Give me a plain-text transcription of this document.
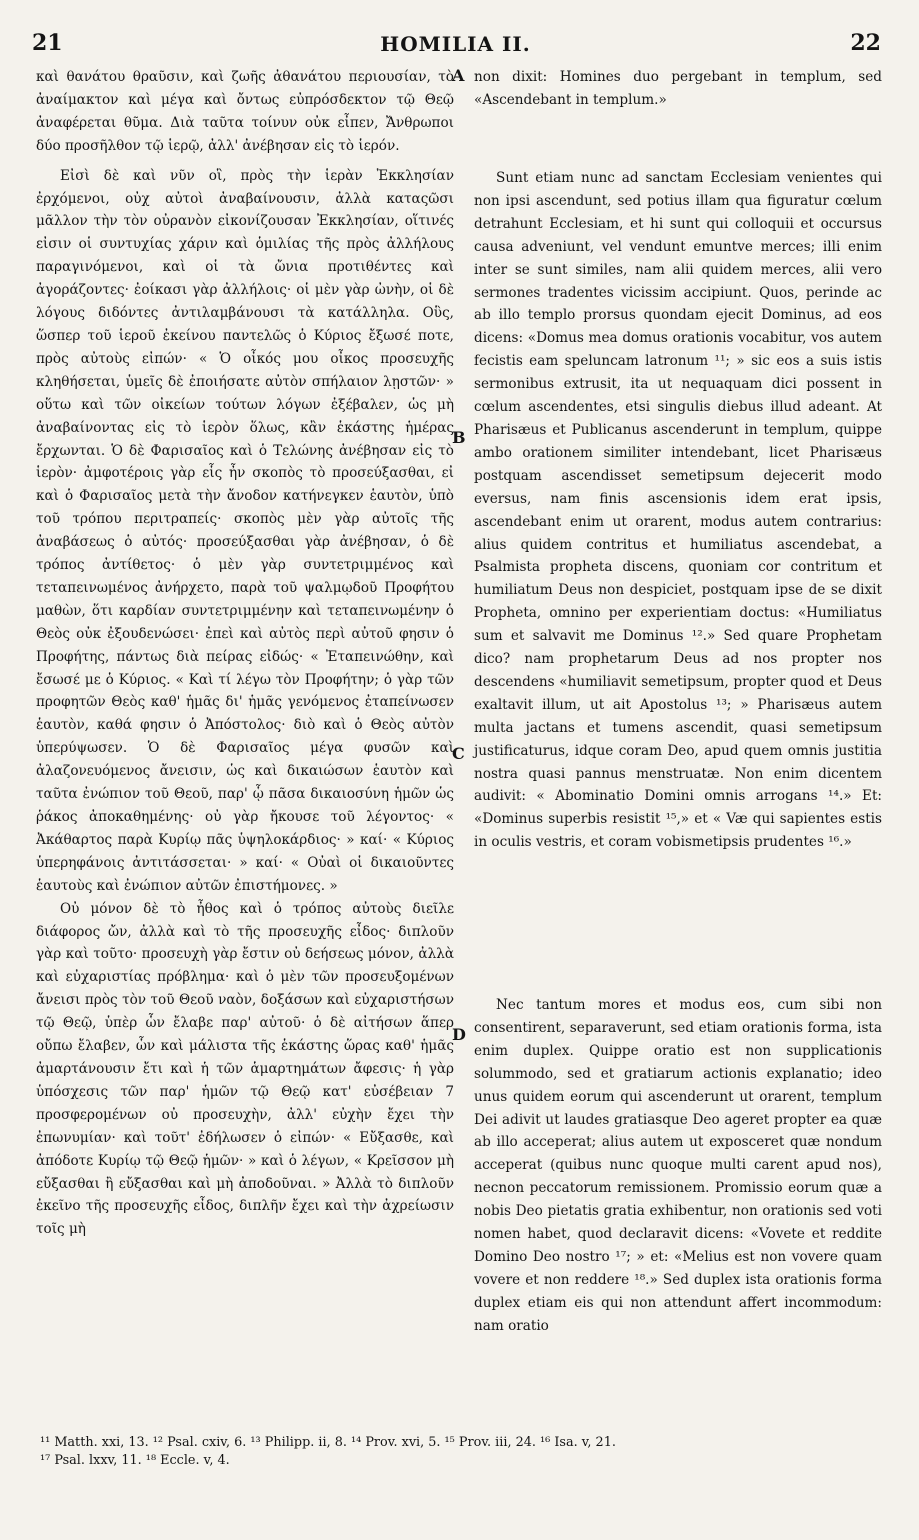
21	HOMILIA II.	22

καὶ θανάτου θραῦσιν, καὶ ζωῆς ἀθανάτου περιουσίαν, τὸ ἀναίμακτον καὶ μέγα καὶ ὄντως εὐπρόσδεκτον τῷ Θεῷ ἀναφέρεται θῦμα. Διὰ ταῦτα τοίνυν οὐκ εἶπεν, Ἄνθρωποι δύο προσῆλθον τῷ ἱερῷ, ἀλλ' ἀνέβησαν εἰς τὸ ἱερόν.

Εἰσὶ δὲ καὶ νῦν οἳ, πρὸς τὴν ἱερὰν Ἐκκλησίαν ἐρχόμενοι, οὐχ αὐτοὶ ἀναβαίνουσιν, ἀλλὰ καταςῶσι μᾶλλον τὴν τὸν οὐρανὸν εἰκονίζουσαν Ἐκκλησίαν, οἵτινές εἰσιν οἱ συντυχίας χάριν καὶ ὁμιλίας τῆς πρὸς ἀλλήλους παραγινόμενοι, καὶ οἱ τὰ ὤνια προτιθέντες καὶ ἀγοράζοντες· ἐοίκασι γὰρ ἀλλήλοις· οἱ μὲν γὰρ ὠνὴν, οἱ δὲ λόγους διδόντες ἀντιλαμβάνουσι τὰ κατάλληλα. Οὓς, ὥσπερ τοῦ ἱεροῦ ἐκείνου παντελῶς ὁ Κύριος ἔξωσέ ποτε, πρὸς αὐτοὺς εἰπών· « Ὁ οἶκός μου οἶκος προσευχῆς κληθήσεται, ὑμεῖς δὲ ἐποιήσατε αὐτὸν σπήλαιον λῃστῶν· » οὕτω καὶ τῶν οἰκείων τούτων λόγων ἐξέβαλεν, ὡς μὴ ἀναβαίνοντας εἰς τὸ ἱερὸν ὅλως, κἂν ἑκάστης ἡμέρας ἔρχωνται. Ὁ δὲ Φαρισαῖος καὶ ὁ Τελώνης ἀνέβησαν εἰς τὸ ἱερὸν· ἀμφοτέροις γὰρ εἷς ἦν σκοπὸς τὸ προσεύξασθαι, εἰ καὶ ὁ Φαρισαῖος μετὰ τὴν ἄνοδον κατήνεγκεν ἑαυτὸν, ὑπὸ τοῦ τρόπου περιτραπείς· σκοπὸς μὲν γὰρ αὐτοῖς τῆς ἀναβάσεως ὁ αὐτός· προσεύξασθαι γὰρ ἀνέβησαν, ὁ δὲ τρόπος ἀντίθετος· ὁ μὲν γὰρ συντετριμμένος καὶ τεταπεινωμένος ἀνήρχετο, παρὰ τοῦ ψαλμῳδοῦ Προφήτου μαθὼν, ὅτι καρδίαν συντετριμμένην καὶ τεταπεινωμένην ὁ Θεὸς οὐκ ἐξουδενώσει· ἐπεὶ καὶ αὐτὸς περὶ αὐτοῦ φησιν ὁ Προφήτης, πάντως διὰ πείρας εἰδώς· « Ἐταπεινώθην, καὶ ἔσωσέ με ὁ Κύριος. « Καὶ τί λέγω τὸν Προφήτην; ὁ γὰρ τῶν προφητῶν Θεὸς καθ' ἡμᾶς δι' ἡμᾶς γενόμενος ἐταπείνωσεν ἑαυτὸν, καθά φησιν ὁ Ἀπόστολος· διὸ καὶ ὁ Θεὸς αὐτὸν ὑπερύψωσεν. Ὁ δὲ Φαρισαῖος μέγα φυσῶν καὶ ἀλαζονευόμενος ἄνεισιν, ὡς καὶ δικαιώσων ἑαυτὸν καὶ ταῦτα ἐνώπιον τοῦ Θεοῦ, παρ' ᾧ πᾶσα δικαιοσύνη ἡμῶν ὡς ῥάκος ἀποκαθημένης· οὐ γὰρ ἤκουσε τοῦ λέγοντος· « Ἀκάθαρτος παρὰ Κυρίῳ πᾶς ὑψηλοκάρδιος· » καί· « Κύριος ὑπερηφάνοις ἀντιτάσσεται· » καί· « Οὐαὶ οἱ δικαιοῦντες ἑαυτοὺς καὶ ἐνώπιον αὐτῶν ἐπιστήμονες. »

Οὐ μόνον δὲ τὸ ἦθος καὶ ὁ τρόπος αὐτοὺς διεῖλε διάφορος ὤν, ἀλλὰ καὶ τὸ τῆς προσευχῆς εἶδος· διπλοῦν γὰρ καὶ τοῦτο· προσευχὴ γὰρ ἔστιν οὐ δεήσεως μόνον, ἀλλὰ καὶ εὐχαριστίας πρόβλημα· καὶ ὁ μὲν τῶν προσευξομένων ἄνεισι πρὸς τὸν τοῦ Θεοῦ ναὸν, δοξάσων καὶ εὐχαριστήσων τῷ Θεῷ, ὑπὲρ ὧν ἔλαβε παρ' αὐτοῦ· ὁ δὲ αἰτήσων ἅπερ οὔπω ἔλαβεν, ὧν καὶ μάλιστα τῆς ἑκάστης ὥρας καθ' ἡμᾶς ἀμαρτάνουσιν ἔτι καὶ ἡ τῶν ἁμαρτημάτων ἄφεσις· ἡ γὰρ ὑπόσχεσις τῶν παρ' ἡμῶν τῷ Θεῷ κατ' εὐσέβειαν 7 προσφερομένων οὐ προσευχὴν, ἀλλ' εὐχὴν ἔχει τὴν ἐπωνυμίαν· καὶ τοῦτ' ἐδήλωσεν ὁ εἰπών· « Εὔξασθε, καὶ ἀπόδοτε Κυρίῳ τῷ Θεῷ ἡμῶν· » καὶ ὁ λέγων, « Κρεῖσσον μὴ εὔξασθαι ἢ εὔξασθαι καὶ μὴ ἀποδοῦναι. » Ἀλλὰ τὸ διπλοῦν ἐκεῖνο τῆς προσευχῆς εἶδος, διπλῆν ἔχει καὶ τὴν ἀχρείωσιν τοῖς μὴ

A
B
C
D

non dixit: Homines duo pergebant in templum, sed «Ascendebant in templum.»

Sunt etiam nunc ad sanctam Ecclesiam venientes qui non ipsi ascendunt, sed potius illam qua figuratur cœlum detrahunt Ecclesiam, et hi sunt qui colloquii et occursus causa adveniunt, vel vendunt emuntve merces; illi enim inter se sunt similes, nam alii quidem merces, alii vero sermones tradentes vicissim accipiunt. Quos, perinde ac ab illo templo prorsus quondam ejecit Dominus, ad eos dicens: «Domus mea domus orationis vocabitur, vos autem fecistis eam speluncam latronum ¹¹; » sic eos a suis istis sermonibus extrusit, ita ut nequaquam dici possent in cœlum ascendentes, etsi singulis diebus illud adeant. At Pharisæus et Publicanus ascenderunt in templum, quippe ambo orationem similiter intendebant, licet Pharisæus postquam ascendisset semetipsum dejecerit modo eversus, nam finis ascensionis idem erat ipsis, ascendebant enim ut orarent, modus autem contrarius: alius quidem contritus et humiliatus ascendebat, a Psalmista propheta discens, quoniam cor contritum et humiliatum Deus non despiciet, postquam ipse de se dixit Propheta, omnino per experientiam doctus: «Humiliatus sum et salvavit me Dominus ¹².» Sed quare Prophetam dico? nam prophetarum Deus ad nos propter nos descendens «humiliavit semetipsum, propter quod et Deus exaltavit illum, ut ait Apostolus ¹³; » Pharisæus autem multa jactans et tumens ascendit, quasi semetipsum justificaturus, idque coram Deo, apud quem omnis justitia nostra quasi pannus menstruatæ. Non enim dicentem audivit: « Abominatio Domini omnis arrogans ¹⁴.» Et: «Dominus superbis resistit ¹⁵,» et « Væ qui sapientes estis in oculis vestris, et coram vobismetipsis prudentes ¹⁶.»

Nec tantum mores et modus eos, cum sibi non consentirent, separaverunt, sed etiam orationis forma, ista enim duplex. Quippe oratio est non supplicationis solummodo, sed et gratiarum actionis explanatio; ideo unus quidem eorum qui ascenderunt ut orarent, templum Dei adivit ut laudes gratiasque Deo ageret propter ea quæ ab illo acceperat; alius autem ut exposceret quæ nondum acceperat (quibus nunc quoque multi carent apud nos), necnon peccatorum remissionem. Promissio eorum quæ a nobis Deo pietatis gratia exhibentur, non orationis sed voti nomen habet, quod declaravit dicens: «Vovete et reddite Domino Deo nostro ¹⁷; » et: «Melius est non vovere quam vovere et non reddere ¹⁸.» Sed duplex ista orationis forma duplex etiam eis qui non attendunt affert incommodum: nam oratio

¹¹ Matth. xxi, 13. ¹² Psal. cxiv, 6. ¹³ Philipp. ii, 8. ¹⁴ Prov. xvi, 5. ¹⁵ Prov. iii, 24. ¹⁶ Isa. v, 21.

¹⁷ Psal. lxxv, 11. ¹⁸ Eccle. v, 4.
